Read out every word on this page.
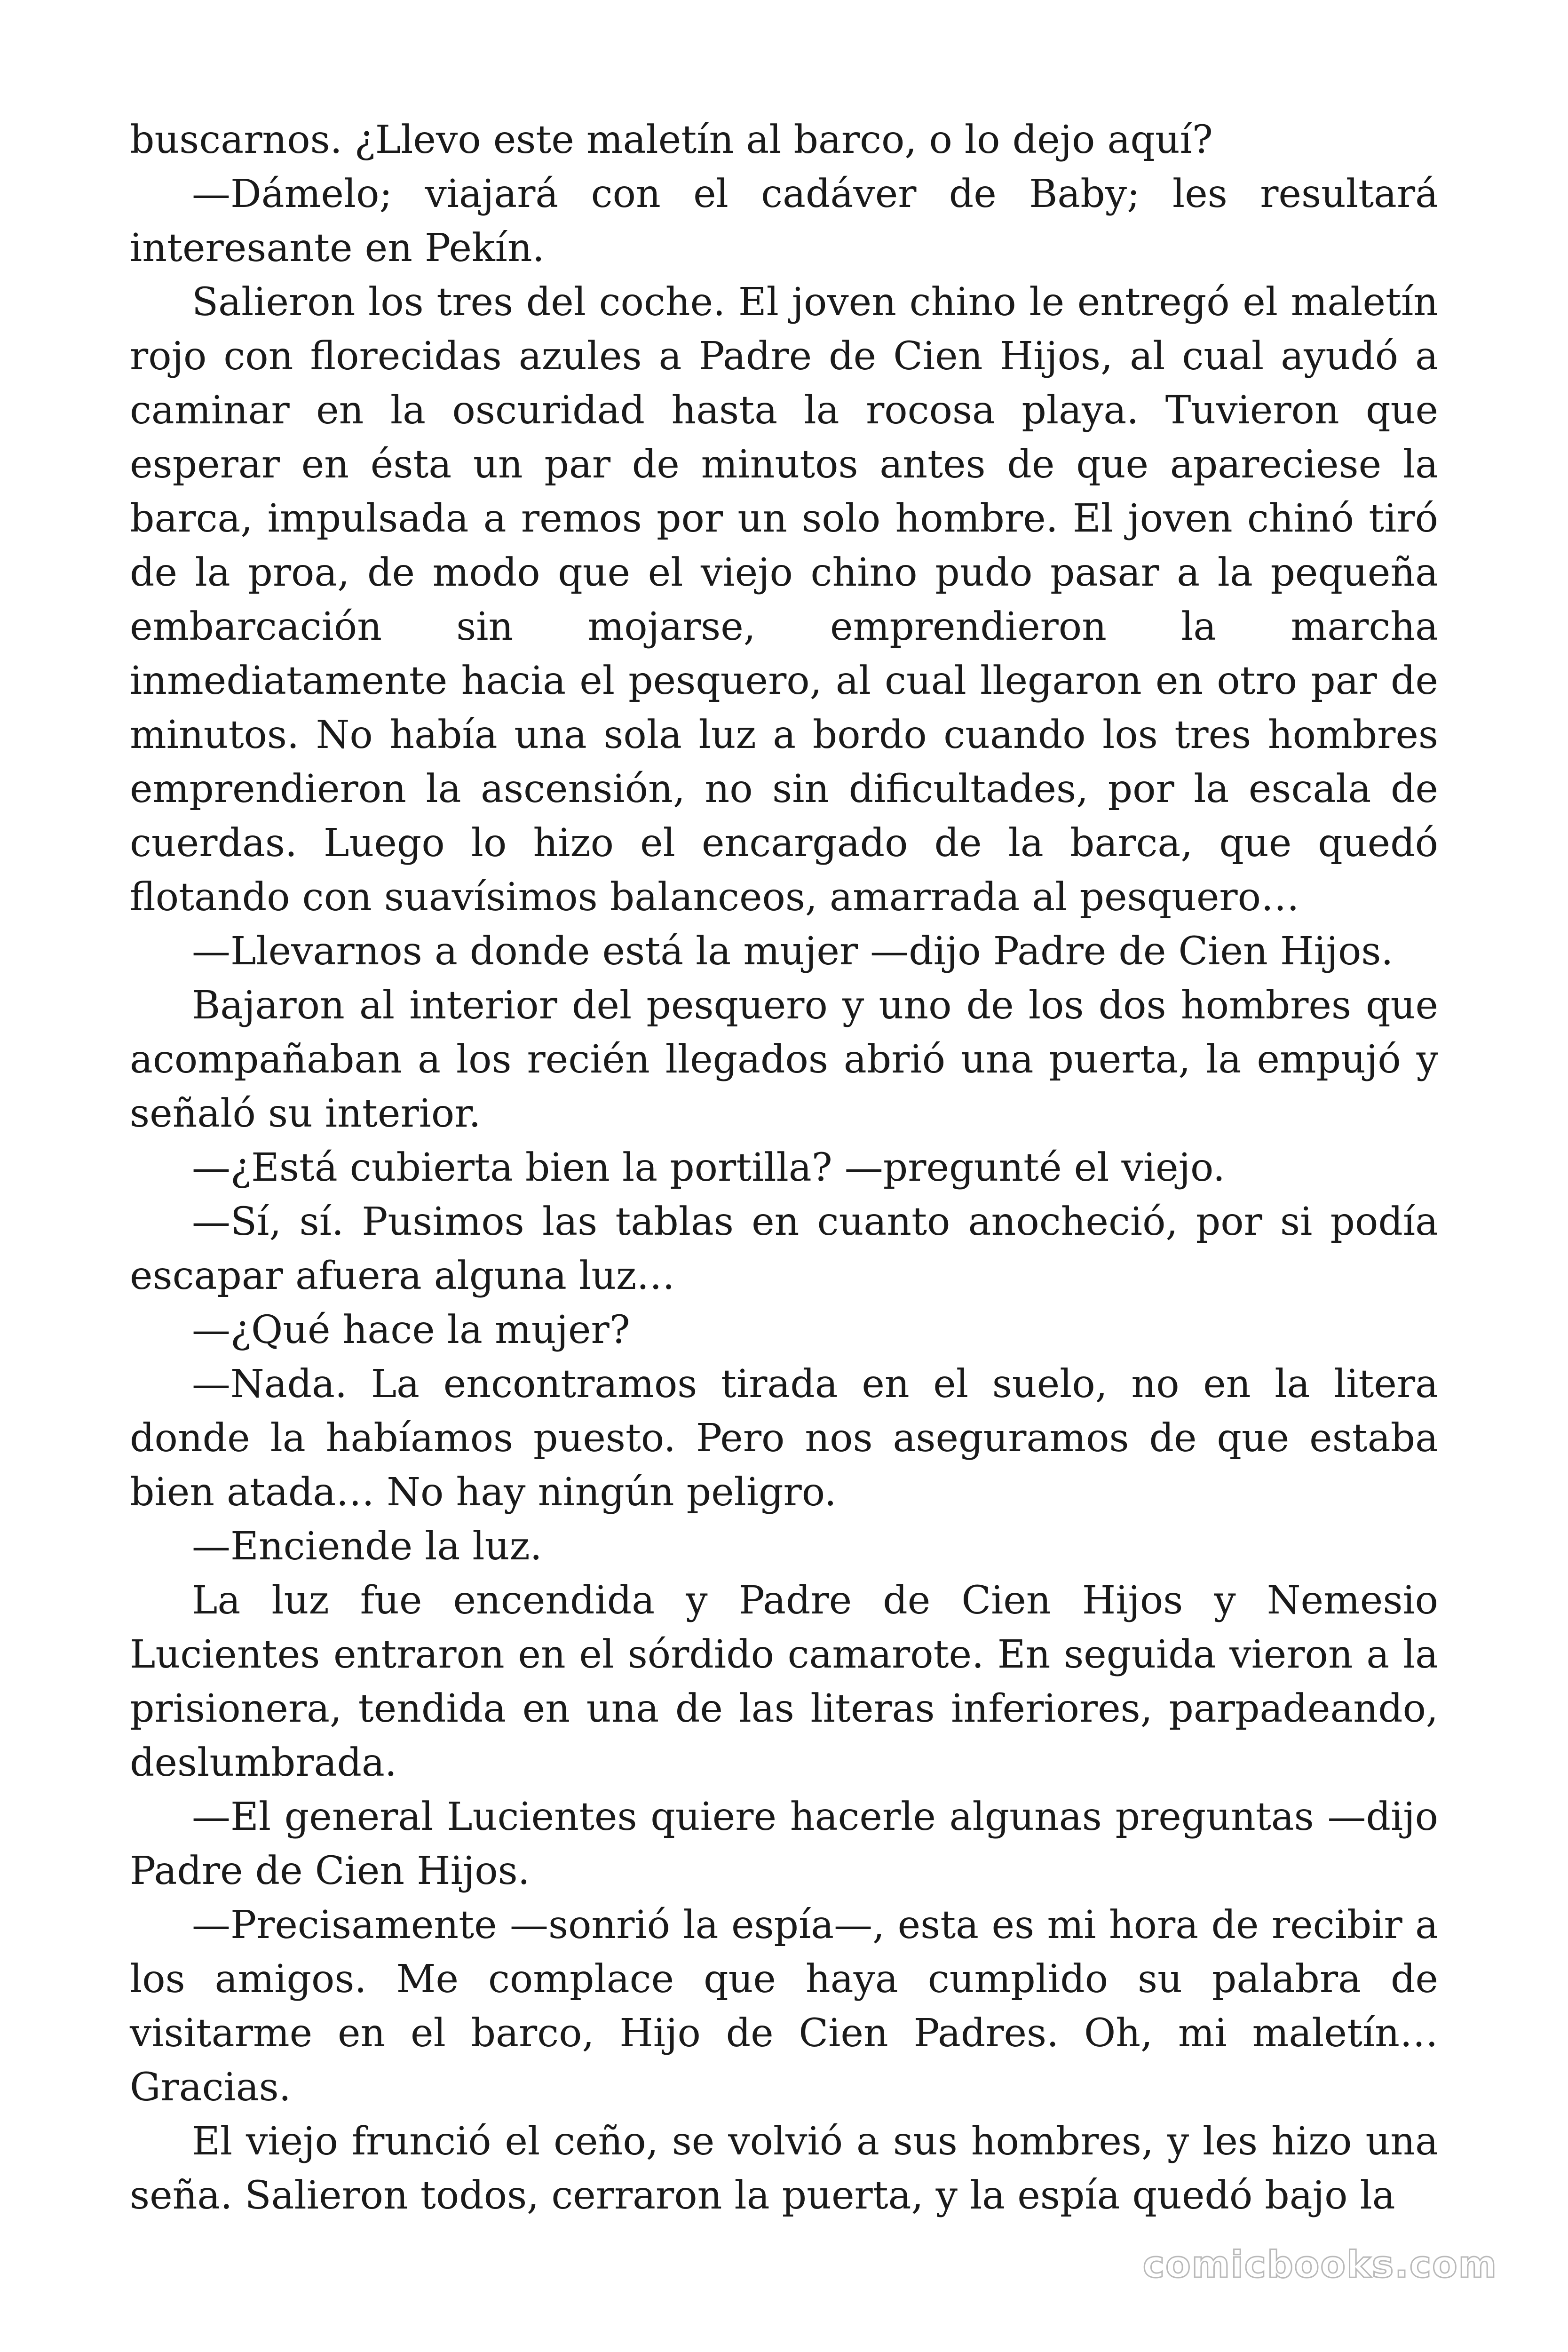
buscarnos. ¿Llevo este maletín al barco, o lo dejo aquí?

—Dámelo; viajará con el cadáver de Baby; les resultará interesante en Pekín.

Salieron los tres del coche. El joven chino le entregó el maletín rojo con florecidas azules a Padre de Cien Hijos, al cual ayudó a caminar en la oscuridad hasta la rocosa playa. Tuvieron que esperar en ésta un par de minutos antes de que apareciese la barca, impulsada a remos por un solo hombre. El joven chinó tiró de la proa, de modo que el viejo chino pudo pasar a la pequeña embarcación sin mojarse, emprendieron la marcha inmediatamente hacia el pesquero, al cual llegaron en otro par de minutos. No había una sola luz a bordo cuando los tres hombres emprendieron la ascensión, no sin dificultades, por la escala de cuerdas. Luego lo hizo el encargado de la barca, que quedó flotando con suavísimos balanceos, amarrada al pesquero…

—Llevarnos a donde está la mujer —dijo Padre de Cien Hijos.

Bajaron al interior del pesquero y uno de los dos hombres que acompañaban a los recién llegados abrió una puerta, la empujó y señaló su interior.

—¿Está cubierta bien la portilla? —pregunté el viejo.

—Sí, sí. Pusimos las tablas en cuanto anocheció, por si podía escapar afuera alguna luz…

—¿Qué hace la mujer?

—Nada. La encontramos tirada en el suelo, no en la litera donde la habíamos puesto. Pero nos aseguramos de que estaba bien atada… No hay ningún peligro.

—Enciende la luz.

La luz fue encendida y Padre de Cien Hijos y Nemesio Lucientes entraron en el sórdido camarote. En seguida vieron a la prisionera, tendida en una de las literas inferiores, parpadeando, deslumbrada.

—El general Lucientes quiere hacerle algunas preguntas —dijo Padre de Cien Hijos.

—Precisamente —sonrió la espía—, esta es mi hora de recibir a los amigos. Me complace que haya cumplido su palabra de visitarme en el barco, Hijo de Cien Padres. Oh, mi maletín… Gracias.

El viejo frunció el ceño, se volvió a sus hombres, y les hizo una seña. Salieron todos, cerraron la puerta, y la espía quedó bajo la

comicbooks.com
